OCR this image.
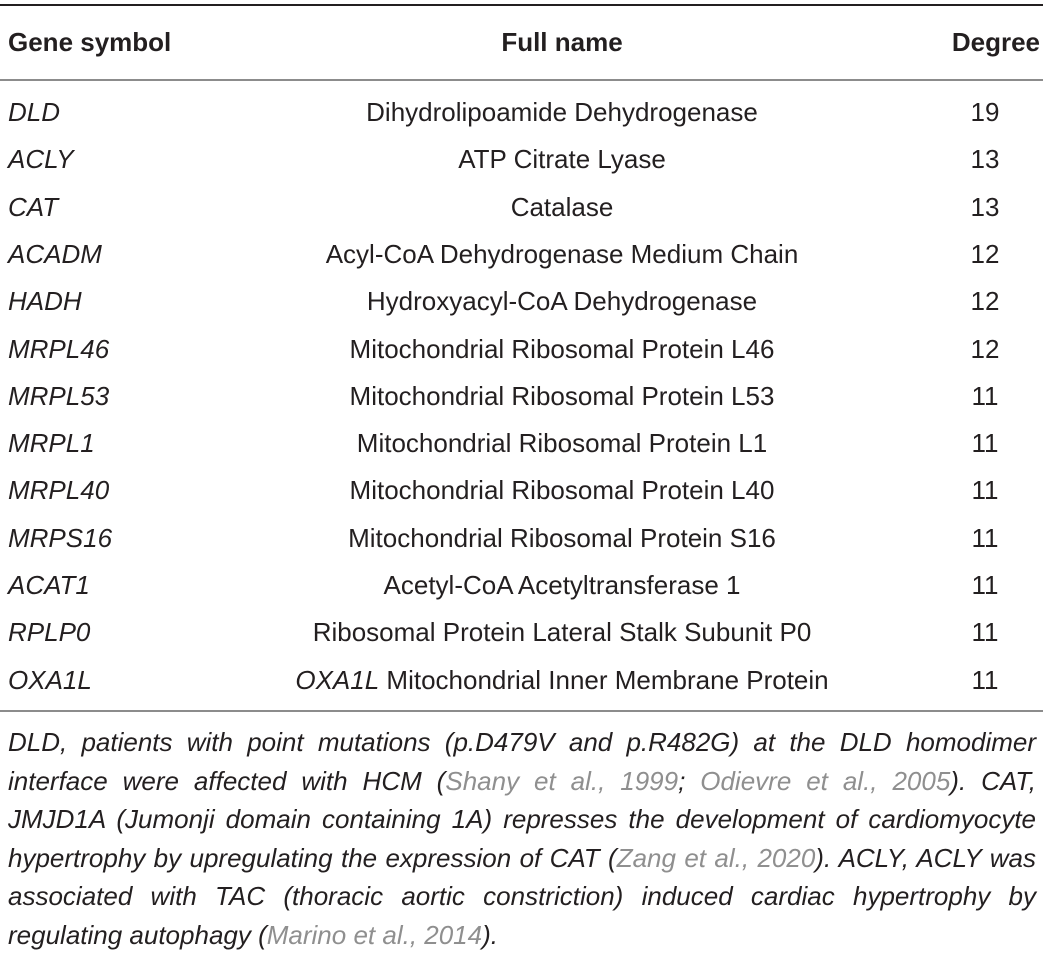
Gene symbol	Full name	Degree
DLD	Dihydrolipoamide Dehydrogenase	19
ACLY	ATP Citrate Lyase	13
CAT	Catalase	13
ACADM	Acyl-CoA Dehydrogenase Medium Chain	12
HADH	Hydroxyacyl-CoA Dehydrogenase	12
MRPL46	Mitochondrial Ribosomal Protein L46	12
MRPL53	Mitochondrial Ribosomal Protein L53	11
MRPL1	Mitochondrial Ribosomal Protein L1	11
MRPL40	Mitochondrial Ribosomal Protein L40	11
MRPS16	Mitochondrial Ribosomal Protein S16	11
ACAT1	Acetyl-CoA Acetyltransferase 1	11
RPLP0	Ribosomal Protein Lateral Stalk Subunit P0	11
OXA1L	OXA1L Mitochondrial Inner Membrane Protein	11
DLD, patients with point mutations (p.D479V and p.R482G) at the DLD homodimer interface were affected with HCM (Shany et al., 1999; Odievre et al., 2005). CAT, JMJD1A (Jumonji domain containing 1A) represses the development of cardiomyocyte hypertrophy by upregulating the expression of CAT (Zang et al., 2020). ACLY, ACLY was associated with TAC (thoracic aortic constriction) induced cardiac hypertrophy by regulating autophagy (Marino et al., 2014).
